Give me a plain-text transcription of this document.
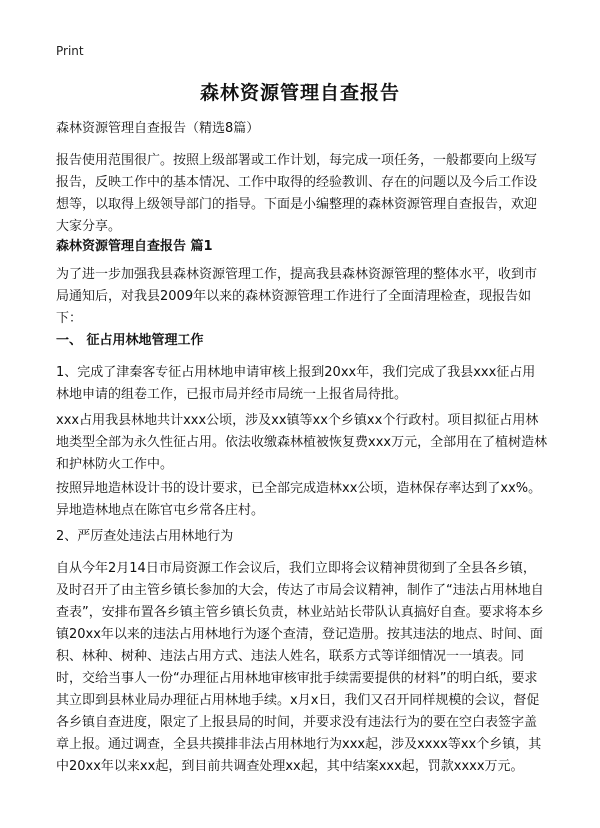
Print
森林资源管理自查报告
森林资源管理自查报告（精选8篇）
报告使用范围很广。按照上级部署或工作计划，每完成一项任务，一般都要向上级写报告，反映工作中的基本情况、工作中取得的经验教训、存在的问题以及今后工作设想等，以取得上级领导部门的指导。下面是小编整理的森林资源管理自查报告，欢迎大家分享。
森林资源管理自查报告 篇1
为了进一步加强我县森林资源管理工作，提高我县森林资源管理的整体水平，收到市局通知后，对我县2009年以来的森林资源管理工作进行了全面清理检查，现报告如下：
一、 征占用林地管理工作
1、完成了津秦客专征占用林地申请审核上报到20xx年，我们完成了我县xxx征占用林地申请的组卷工作，已报市局并经市局统一上报省局待批。
xxx占用我县林地共计xxx公顷，涉及xx镇等xx个乡镇xx个行政村。项目拟征占用林地类型全部为永久性征占用。依法收缴森林植被恢复费xxx万元，全部用在了植树造林和护林防火工作中。
按照异地造林设计书的设计要求，已全部完成造林xx公顷，造林保存率达到了xx%。异地造林地点在陈官屯乡常各庄村。
2、严厉查处违法占用林地行为
自从今年2月14日市局资源工作会议后，我们立即将会议精神贯彻到了全县各乡镇，及时召开了由主管乡镇长参加的大会，传达了市局会议精神，制作了“违法占用林地自查表”，安排布置各乡镇主管乡镇长负责，林业站站长带队认真搞好自查。要求将本乡镇20xx年以来的违法占用林地行为逐个查清，登记造册。按其违法的地点、时间、面积、林种、树种、违法占用方式、违法人姓名，联系方式等详细情况一一填表。同时，交给当事人一份“办理征占用林地审核审批手续需要提供的材料”的明白纸，要求其立即到县林业局办理征占用林地手续。x月x日，我们又召开同样规模的会议，督促各乡镇自查进度，限定了上报县局的时间，并要求没有违法行为的要在空白表签字盖章上报。通过调查，全县共摸排非法占用林地行为xxx起，涉及xxxx等xx个乡镇，其中20xx年以来xx起，到目前共调查处理xx起，其中结案xxx起，罚款xxxx万元。
